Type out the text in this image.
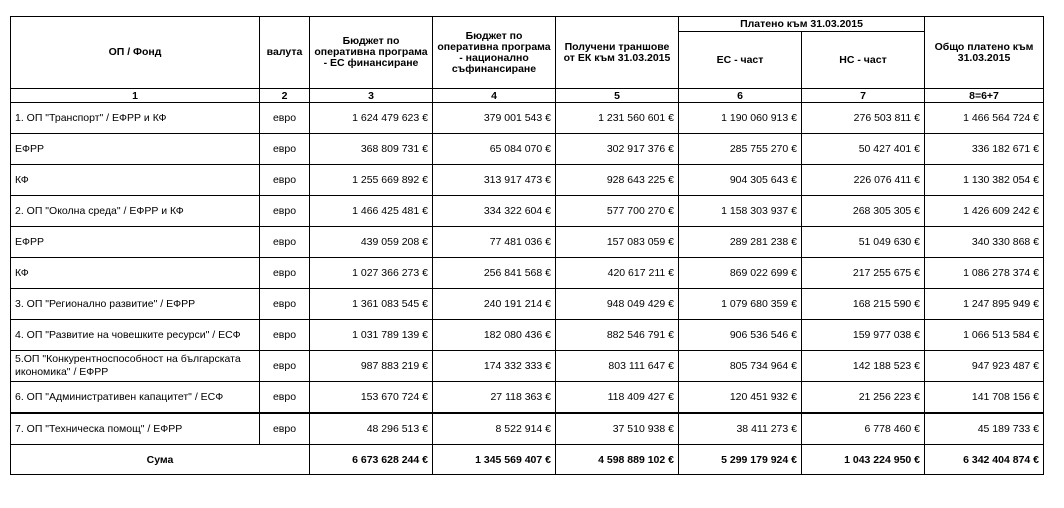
ОП / Фонд	валута	Бюджет по оперативна програма - ЕС финансиране	Бюджет по оперативна програма - национално съфинансиране	Получени траншове от ЕК към 31.03.2015	Платено към 31.03.2015		Общо платено към 31.03.2015
					ЕС - част	НС - част	
1	2	3	4	5	6	7	8=6+7
1. ОП "Транспорт" / ЕФРР и КФ	евро	1 624 479 623 €	379 001 543 €	1 231 560 601 €	1 190 060 913 €	276 503 811 €	1 466 564 724 €
ЕФРР	евро	368 809 731 €	65 084 070 €	302 917 376 €	285 755 270 €	50 427 401 €	336 182 671 €
КФ	евро	1 255 669 892 €	313 917 473 €	928 643 225 €	904 305 643 €	226 076 411 €	1 130 382 054 €
2. ОП "Околна среда" / ЕФРР и КФ	евро	1 466 425 481 €	334 322 604 €	577 700 270 €	1 158 303 937 €	268 305 305 €	1 426 609 242 €
ЕФРР	евро	439 059 208 €	77 481 036 €	157 083 059 €	289 281 238 €	51 049 630 €	340 330 868 €
КФ	евро	1 027 366 273 €	256 841 568 €	420 617 211 €	869 022 699 €	217 255 675 €	1 086 278 374 €
3. ОП "Регионално развитие" / ЕФРР	евро	1 361 083 545 €	240 191 214 €	948 049 429 €	1 079 680 359 €	168 215 590 €	1 247 895 949 €
4. ОП "Развитие на човешките ресурси" / ЕСФ	евро	1 031 789 139 €	182 080 436 €	882 546 791 €	906 536 546 €	159 977 038 €	1 066 513 584 €
5.ОП "Конкурентноспособност на българската икономика" / ЕФРР	евро	987 883 219 €	174 332 333 €	803 111 647 €	805 734 964 €	142 188 523 €	947 923 487 €
6. ОП "Административен капацитет" / ЕСФ	евро	153 670 724 €	27 118 363 €	118 409 427 €	120 451 932 €	21 256 223 €	141 708 156 €
7. ОП "Техническа помощ" / ЕФРР	евро	48 296 513 €	8 522 914 €	37 510 938 €	38 411 273 €	6 778 460 €	45 189 733 €
Сума		6 673 628 244 €	1 345 569 407 €	4 598 889 102 €	5 299 179 924 €	1 043 224 950 €	6 342 404 874 €
